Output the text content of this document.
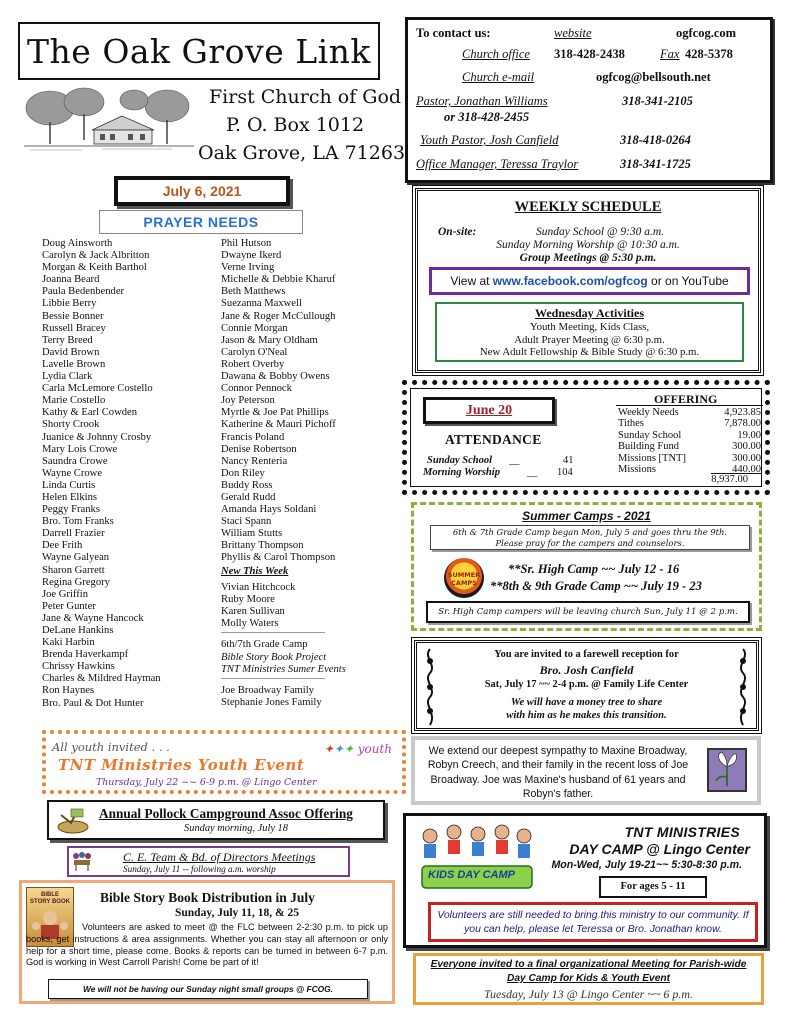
The Oak Grove Link
First Church of God
P. O. Box 1012
Oak Grove, LA 71263
July 6, 2021
PRAYER NEEDS
Doug Ainsworth
Carolyn & Jack Albritton
Morgan & Keith Barthol
Joanna Beard
Paula Bedenbender
Libbie Berry
Bessie Bonner
Russell Bracey
Terry Breed
David Brown
Lavelle Brown
Lydia Clark
Carla McLemore Costello
Marie Costello
Kathy & Earl Cowden
Shorty Crook
Juanice & Johnny Crosby
Mary Lois Crowe
Saundra Crowe
Wayne Crowe
Linda Curtis
Helen Elkins
Peggy Franks
Bro. Tom Franks
Darrell Frazier
Dee Frith
Wayne Galyean
Sharon Garrett
Regina Gregory
Joe Griffin
Peter Gunter
Jane & Wayne Hancock
DeLane Hankins
Kaki Harbin
Brenda Haverkampf
Chrissy Hawkins
Charles & Mildred Hayman
Ron Haynes
Bro. Paul & Dot Hunter
Phil Hutson
Dwayne Ikerd
Verne Irving
Michelle & Debbie Kharuf
Beth Matthews
Suezanna Maxwell
Jane & Roger McCullough
Connie Morgan
Jason & Mary Oldham
Carolyn O'Neal
Robert Overby
Dawana & Bobby Owens
Connor Pennock
Joy Peterson
Myrtle & Joe Pat Phillips
Katherine & Mauri Pichoff
Francis Poland
Denise Robertson
Nancy Renteria
Don Riley
Buddy Ross
Gerald Rudd
Amanda Hays Soldani
Staci Spann
William Stutts
Brittany Thompson
Phyllis & Carol Thompson
New This Week
Vivian Hitchcock
Ruby Moore
Karen Sullivan
Molly Waters
6th/7th Grade Camp
Bible Story Book Project
TNT Ministries Sumer Events
Joe Broadway Family
Stephanie Jones Family
To contact us:	website	ogfcog.com
Church office 318-428-2438	Fax 428-5378
Church e-mail	ogfcog@bellsouth.net
Pastor, Jonathan Williams	318-341-2105
or 318-428-2455
Youth Pastor, Josh Canfield	318-418-0264
Office Manager, Teressa Traylor	318-341-1725
WEEKLY SCHEDULE
On-site:	Sunday School @ 9:30 a.m.
Sunday Morning Worship @ 10:30 a.m.
Group Meetings @ 5:30 p.m.
View at
www.facebook.com/ogfcog
or on YouTube
Wednesday Activities
Youth Meeting, Kids Class,
Adult Prayer Meeting @ 6:30 p.m.
New Adult Fellowship & Bible Study @ 6:30 p.m.
June 20
ATTENDANCE
Sunday School __	41
Morning Worship	__ 104
OFFERING
Weekly Needs	4,923.85
Tithes	7,878.00
Sunday School	19.00
Building Fund	300.00
Missions [TNT]	300.00
Missions	440.00
8,937.00
Summer Camps - 2021
6th & 7th Grade Camp began Mon, July 5 and goes thru the 9th.
Please pray for the campers and counselors.
SUMMER CAMPS
**Sr. High Camp ~~ July 12 - 16
**8th & 9th Grade Camp ~~ July 19 - 23
Sr. High Camp campers will be leaving church Sun, July 11 @ 2 p.m.
You are invited to a farewell reception for
Bro. Josh Canfield
Sat, July 17 ~~ 2-4 p.m. @ Family Life Center
We will have a money tree to share
with him as he makes this transition.
We extend our deepest sympathy to Maxine Broadway, Robyn Creech, and their family in the recent loss of Joe Broadway. Joe was Maxine's husband of 61 years and Robyn's father.
TNT MINISTRIES
DAY CAMP @ Lingo Center
Mon-Wed, July 19-21~~ 5:30-8:30 p.m.
KIDS DAY CAMP
For ages 5 - 11
Volunteers are still needed to bring this ministry to our community. If you can help, please let Teressa or Bro. Jonathan know.
Everyone invited to a final organizational Meeting for Parish-wide
Day Camp for Kids & Youth Event
Tuesday, July 13 @ Lingo Center ~~ 6 p.m.
All youth invited . . .
TNT Ministries Youth Event
Thursday, July 22 ~~ 6-9 p.m. @ Lingo Center
✦✦✦ youth
Annual Pollock Campground Assoc Offering
Sunday morning, July 18
C. E. Team & Bd. of Directors Meetings
Sunday, July 11 -- following a.m. worship
BIBLE STORY BOOK Bible Story Book Distribution in July
Sunday, July 11, 18, & 25
Volunteers are asked to meet @ the FLC between 2-2:30 p.m. to pick up books, get instructions & area assignments. Whether you can stay all afternoon or only help for a short time, please come. Books & reports can be turned in between 6-7 p.m. God is working in West Carroll Parish! Come be part of it!
We will not be having our Sunday night small groups @ FCOG.
